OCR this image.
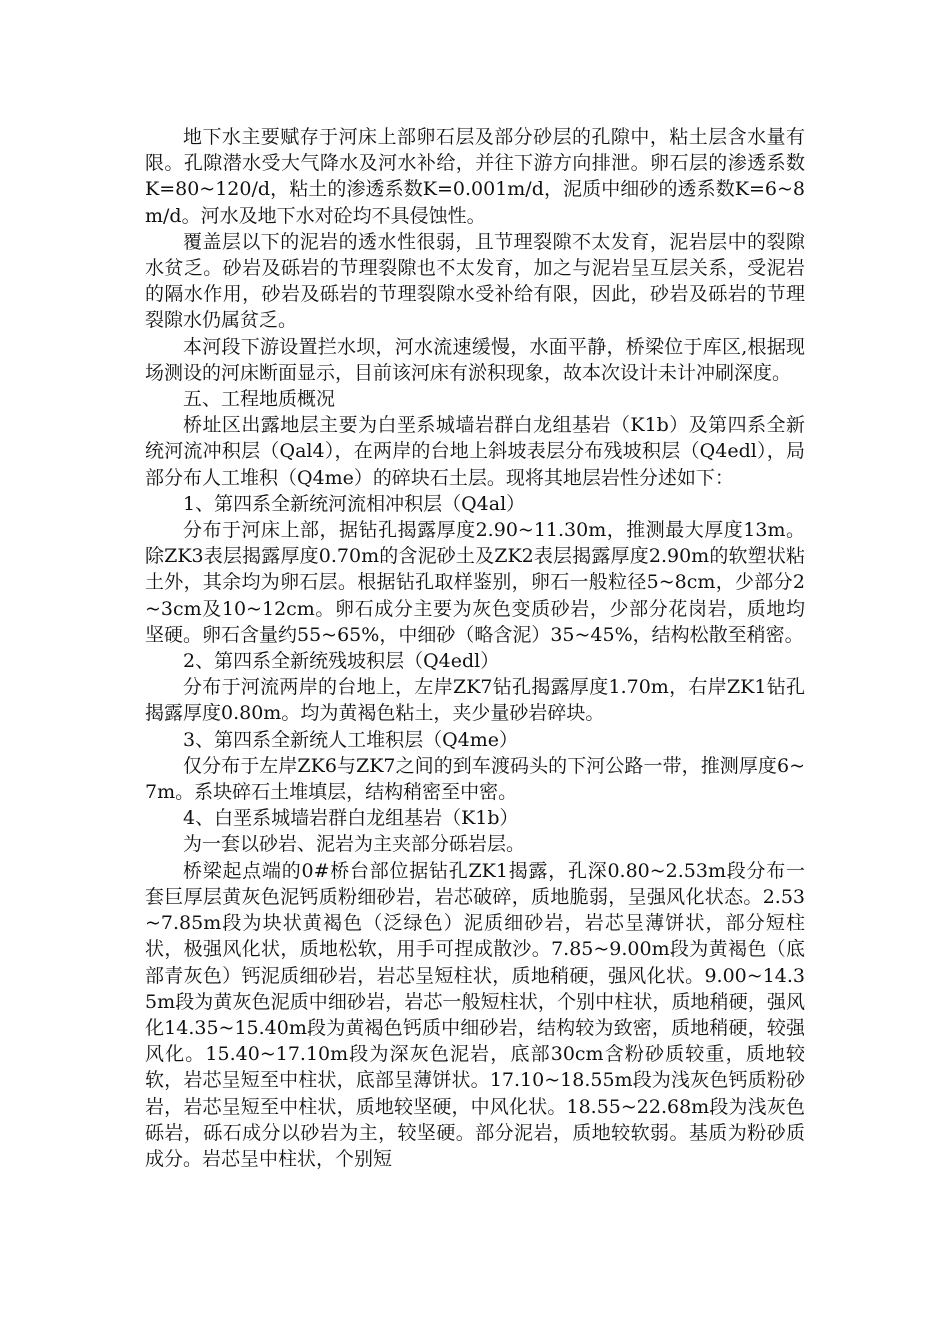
地下水主要赋存于河床上部卵石层及部分砂层的孔隙中，粘土层含水量有限。孔隙潜水受大气降水及河水补给，并往下游方向排泄。卵石层的渗透系数K=80~120/d，粘土的渗透系数K=0.001m/d，泥质中细砂的透系数K=6~8m/d。河水及地下水对砼均不具侵蚀性。

覆盖层以下的泥岩的透水性很弱，且节理裂隙不太发育，泥岩层中的裂隙水贫乏。砂岩及砾岩的节理裂隙也不太发育，加之与泥岩呈互层关系，受泥岩的隔水作用，砂岩及砾岩的节理裂隙水受补给有限，因此，砂岩及砾岩的节理裂隙水仍属贫乏。

本河段下游设置拦水坝，河水流速缓慢，水面平静，桥梁位于库区,根据现场测设的河床断面显示，目前该河床有淤积现象，故本次设计未计冲刷深度。

五、工程地质概况

桥址区出露地层主要为白垩系城墙岩群白龙组基岩（K1b）及第四系全新统河流冲积层（Qal4），在两岸的台地上斜坡表层分布残坡积层（Q4edl），局部分布人工堆积（Q4me）的碎块石土层。现将其地层岩性分述如下：

1、第四系全新统河流相冲积层（Q4al）

分布于河床上部，据钻孔揭露厚度2.90~11.30m，推测最大厚度13m。除ZK3表层揭露厚度0.70m的含泥砂土及ZK2表层揭露厚度2.90m的软塑状粘土外，其余均为卵石层。根据钻孔取样鉴别，卵石一般粒径5~8cm，少部分2~3cm及10~12cm。卵石成分主要为灰色变质砂岩，少部分花岗岩，质地均坚硬。卵石含量约55~65%，中细砂（略含泥）35~45%，结构松散至稍密。

2、第四系全新统残坡积层（Q4edl）

分布于河流两岸的台地上，左岸ZK7钻孔揭露厚度1.70m，右岸ZK1钻孔揭露厚度0.80m。均为黄褐色粘土，夹少量砂岩碎块。

3、第四系全新统人工堆积层（Q4me）

仅分布于左岸ZK6与ZK7之间的到车渡码头的下河公路一带，推测厚度6~7m。系块碎石土堆填层，结构稍密至中密。

4、白垩系城墙岩群白龙组基岩（K1b）

为一套以砂岩、泥岩为主夹部分砾岩层。

桥梁起点端的0#桥台部位据钻孔ZK1揭露，孔深0.80~2.53m段分布一套巨厚层黄灰色泥钙质粉细砂岩，岩芯破碎，质地脆弱，呈强风化状态。2.53~7.85m段为块状黄褐色（泛绿色）泥质细砂岩，岩芯呈薄饼状，部分短柱状，极强风化状，质地松软，用手可捏成散沙。7.85~9.00m段为黄褐色（底部青灰色）钙泥质细砂岩，岩芯呈短柱状，质地稍硬，强风化状。9.00~14.35m段为黄灰色泥质中细砂岩，岩芯一般短柱状，个别中柱状，质地稍硬，强风化14.35~15.40m段为黄褐色钙质中细砂岩，结构较为致密，质地稍硬，较强风化。15.40~17.10m段为深灰色泥岩，底部30cm含粉砂质较重，质地较软，岩芯呈短至中柱状，底部呈薄饼状。17.10~18.55m段为浅灰色钙质粉砂岩，岩芯呈短至中柱状，质地较坚硬，中风化状。18.55~22.68m段为浅灰色砾岩，砾石成分以砂岩为主，较坚硬。部分泥岩，质地较软弱。基质为粉砂质成分。岩芯呈中柱状，个别短
